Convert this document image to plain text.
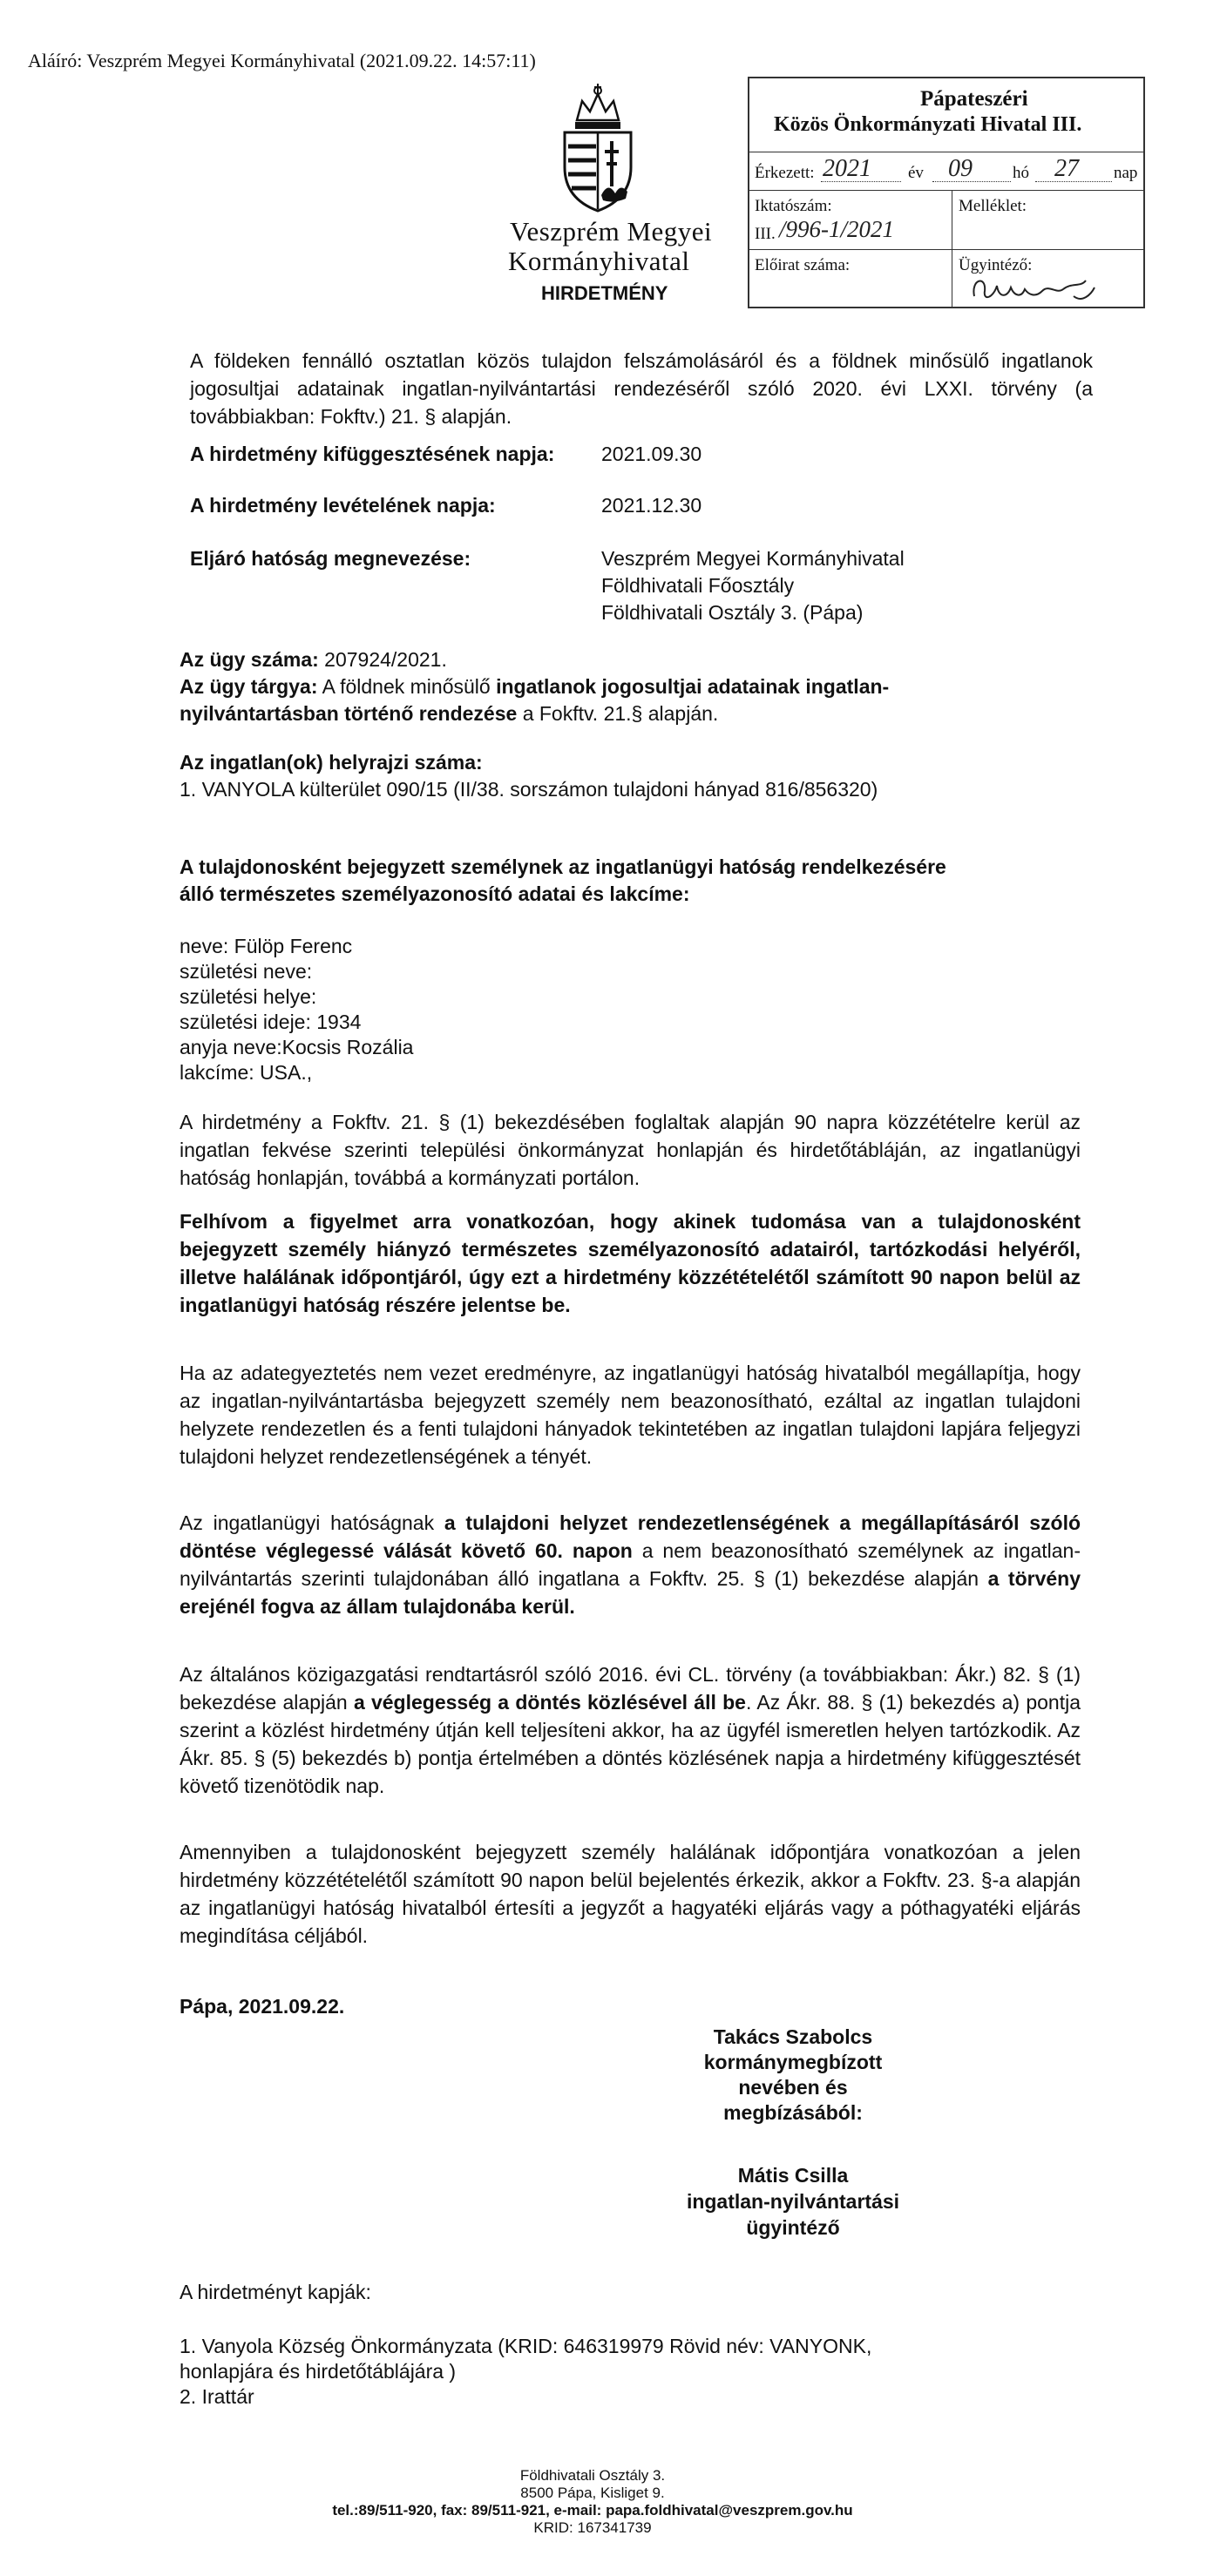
Aláíró: Veszprém Megyei Kormányhivatal (2021.09.22. 14:57:11)
Veszprém Megyei
Kormányhivatal
HIRDETMÉNY
Pápateszéri
Közös Önkormányzati Hivatal III.
Érkezett: 2021 év 09 hó 27 nap
Iktatószám:
III. /996-1/2021
Melléklet:
Előirat száma:	Ügyintéző:

A földeken fennálló osztatlan közös tulajdon felszámolásáról és a földnek minősülő ingatlanok jogosultjai adatainak ingatlan-nyilvántartási rendezéséről szóló 2020. évi LXXI. törvény (a továbbiakban: Fokftv.) 21. § alapján.

A hirdetmény kifüggesztésének napja: 2021.09.30
A hirdetmény levételének napja:	2021.12.30
Eljáró hatóság megnevezése:	Veszprém Megyei Kormányhivatal
Földhivatali Főosztály
Földhivatali Osztály 3. (Pápa)
Az ügy száma: 207924/2021.
Az ügy tárgya: A földnek minősülő ingatlanok jogosultjai adatainak ingatlan-
nyilvántartásban történő rendezése a Fokftv. 21.§ alapján.
Az ingatlan(ok) helyrajzi száma:
1. VANYOLA külterület 090/15 (II/38. sorszámon tulajdoni hányad 816/856320)

A tulajdonosként bejegyzett személynek az ingatlanügyi hatóság rendelkezésére álló természetes személyazonosító adatai és lakcíme:

neve: Fülöp Ferenc
születési neve:
születési helye:
születési ideje: 1934
anyja neve:Kocsis Rozália
lakcíme: USA.,

A hirdetmény a Fokftv. 21. § (1) bekezdésében foglaltak alapján 90 napra közzétételre kerül az ingatlan fekvése szerinti települési önkormányzat honlapján és hirdetőtábláján, az ingatlanügyi hatóság honlapján, továbbá a kormányzati portálon.

Felhívom a figyelmet arra vonatkozóan, hogy akinek tudomása van a tulajdonosként bejegyzett személy hiányzó természetes személyazonosító adatairól, tartózkodási helyéről, illetve halálának időpontjáról, úgy ezt a hirdetmény közzétételétől számított 90 napon belül az ingatlanügyi hatóság részére jelentse be.

Ha az adategyeztetés nem vezet eredményre, az ingatlanügyi hatóság hivatalból megállapítja, hogy az ingatlan-nyilvántartásba bejegyzett személy nem beazonosítható, ezáltal az ingatlan tulajdoni helyzete rendezetlen és a fenti tulajdoni hányadok tekintetében az ingatlan tulajdoni lapjára feljegyzi tulajdoni helyzet rendezetlenségének a tényét.

Az ingatlanügyi hatóságnak a tulajdoni helyzet rendezetlenségének a megállapításáról szóló döntése véglegessé válását követő 60. napon a nem beazonosítható személynek az ingatlan- nyilvántartás szerinti tulajdonában álló ingatlana a Fokftv. 25. § (1) bekezdése alapján a törvény erejénél fogva az állam tulajdonába kerül.

Az általános közigazgatási rendtartásról szóló 2016. évi CL. törvény (a továbbiakban: Ákr.) 82. § (1) bekezdése alapján a véglegesség a döntés közlésével áll be. Az Ákr. 88. § (1) bekezdés a) pontja szerint a közlést hirdetmény útján kell teljesíteni akkor, ha az ügyfél ismeretlen helyen tartózkodik. Az Ákr. 85. § (5) bekezdés b) pontja értelmében a döntés közlésének napja a hirdetmény kifüggesztését követő tizenötödik nap.

Amennyiben a tulajdonosként bejegyzett személy halálának időpontjára vonatkozóan a jelen hirdetmény közzétételétől számított 90 napon belül bejelentés érkezik, akkor a Fokftv. 23. §-a alapján az ingatlanügyi hatóság hivatalból értesíti a jegyzőt a hagyatéki eljárás vagy a póthagyatéki eljárás megindítása céljából.

Pápa, 2021.09.22.
Takács Szabolcs
kormánymegbízott
nevében és
megbízásából:
Mátis Csilla
ingatlan-nyilvántartási
ügyintéző
A hirdetményt kapják:
1. Vanyola Község Önkormányzata (KRID: 646319979 Rövid név: VANYONK,
honlapjára és hirdetőtáblájára )
2. Irattár
Földhivatali Osztály 3.
8500 Pápa, Kisliget 9.
tel.:89/511-920, fax: 89/511-921, e-mail: papa.foldhivatal@veszprem.gov.hu
KRID: 167341739
